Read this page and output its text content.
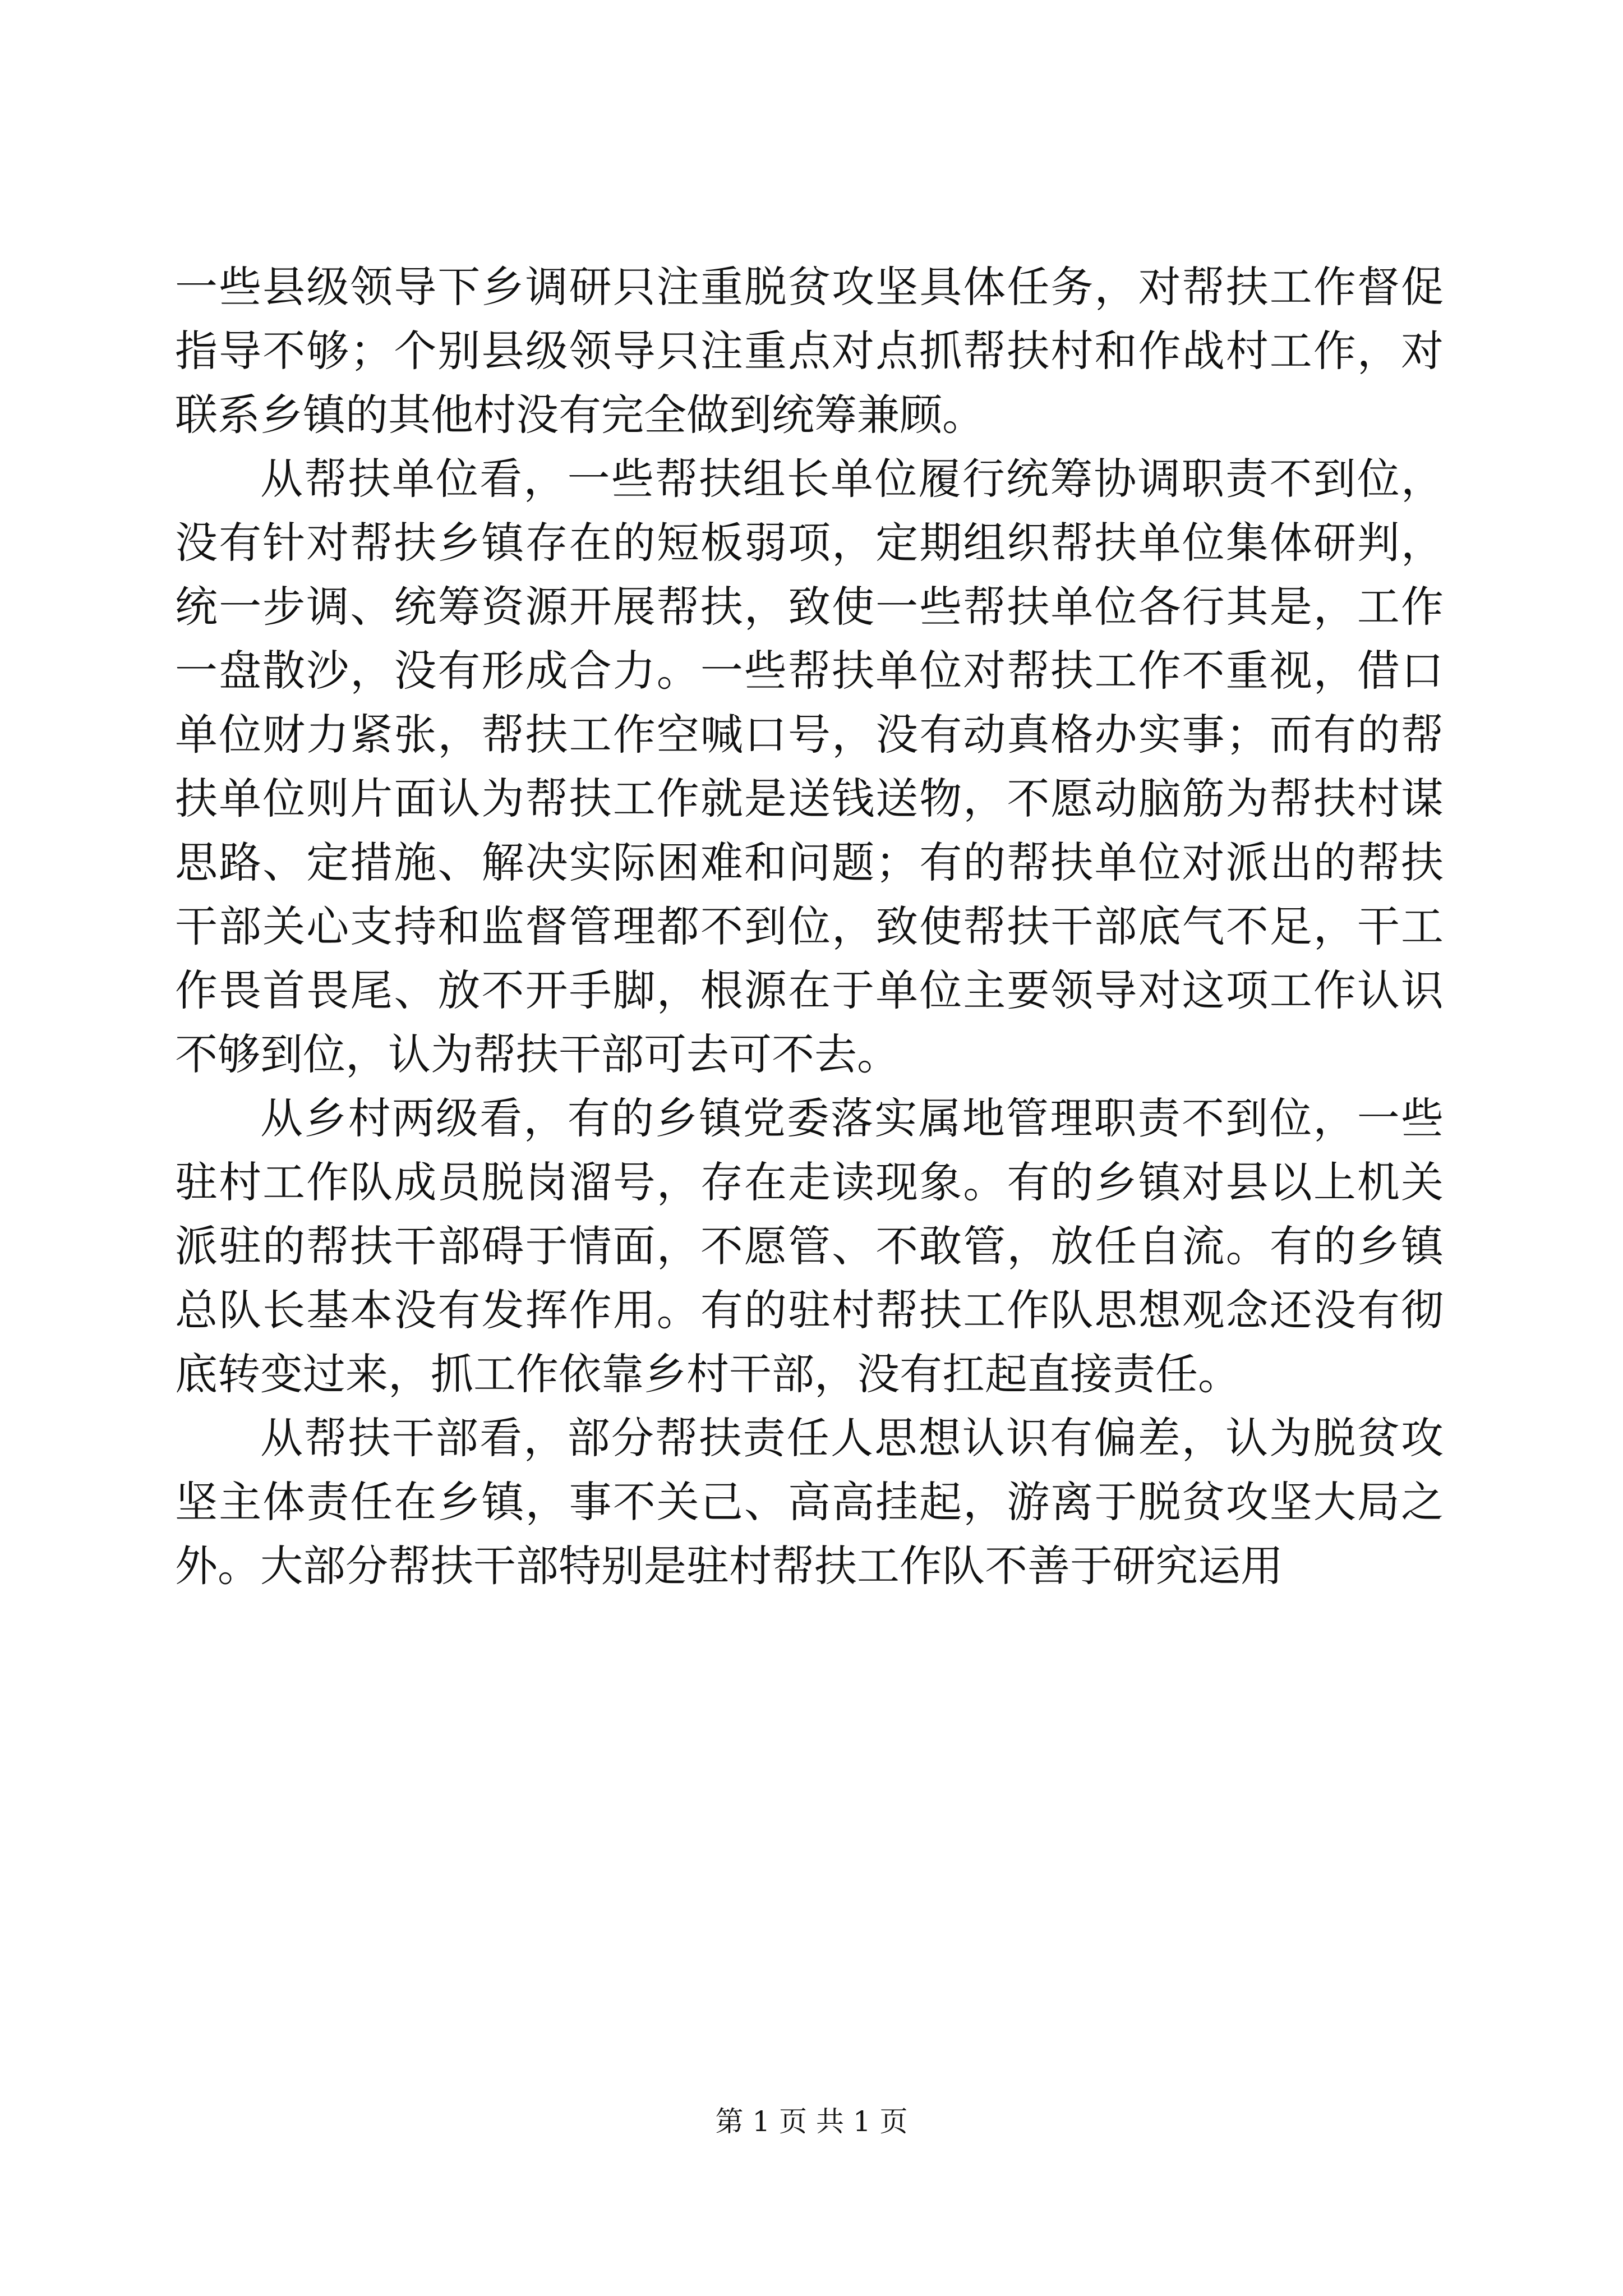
一些县级领导下乡调研只注重脱贫攻坚具体任务，对帮扶工作督促指导不够；个别县级领导只注重点对点抓帮扶村和作战村工作，对联系乡镇的其他村没有完全做到统筹兼顾。

从帮扶单位看，一些帮扶组长单位履行统筹协调职责不到位，没有针对帮扶乡镇存在的短板弱项，定期组织帮扶单位集体研判，统一步调、统筹资源开展帮扶，致使一些帮扶单位各行其是，工作一盘散沙，没有形成合力。一些帮扶单位对帮扶工作不重视，借口单位财力紧张，帮扶工作空喊口号，没有动真格办实事；而有的帮扶单位则片面认为帮扶工作就是送钱送物，不愿动脑筋为帮扶村谋思路、定措施、解决实际困难和问题；有的帮扶单位对派出的帮扶干部关心支持和监督管理都不到位，致使帮扶干部底气不足，干工作畏首畏尾、放不开手脚，根源在于单位主要领导对这项工作认识不够到位，认为帮扶干部可去可不去。

从乡村两级看，有的乡镇党委落实属地管理职责不到位，一些驻村工作队成员脱岗溜号，存在走读现象。有的乡镇对县以上机关派驻的帮扶干部碍于情面，不愿管、不敢管，放任自流。有的乡镇总队长基本没有发挥作用。有的驻村帮扶工作队思想观念还没有彻底转变过来，抓工作依靠乡村干部，没有扛起直接责任。

从帮扶干部看，部分帮扶责任人思想认识有偏差，认为脱贫攻坚主体责任在乡镇，事不关己、高高挂起，游离于脱贫攻坚大局之外。大部分帮扶干部特别是驻村帮扶工作队不善于研究运用

第 1 页 共 1 页
